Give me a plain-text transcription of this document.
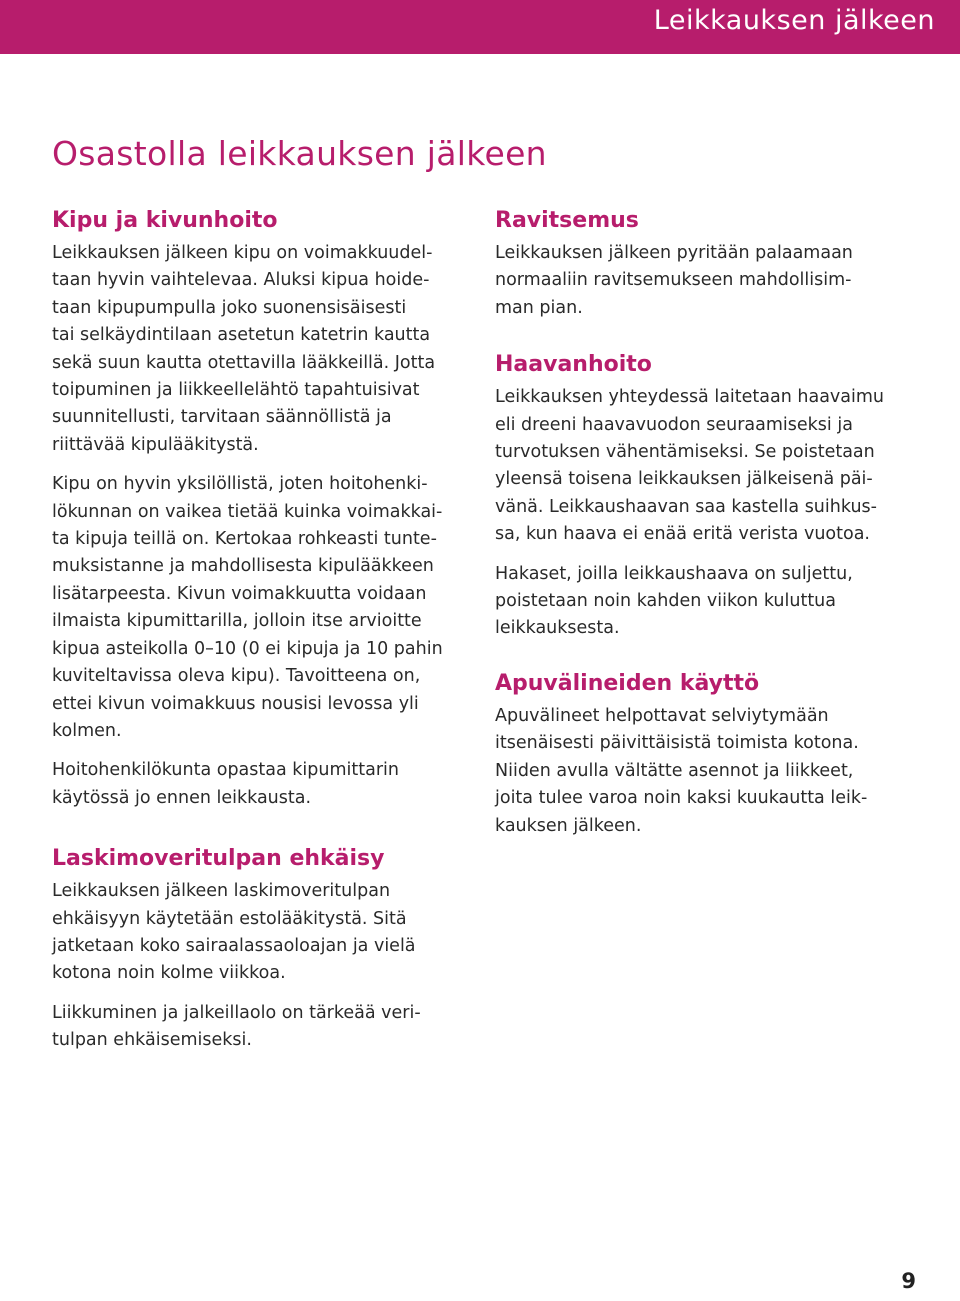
Leikkauksen jälkeen
Osastolla leikkauksen jälkeen
Kipu ja kivunhoito

Leikkauksen jälkeen kipu on voimakkuudel-
taan hyvin vaihtelevaa. Aluksi kipua hoide-
taan kipupumpulla joko suonensisäisesti
tai selkäydintilaan asetetun katetrin kautta
sekä suun kautta otettavilla lääkkeillä. Jotta
toipuminen ja liikkeellelähtö tapahtuisivat
suunnitellusti, tarvitaan säännöllistä ja
riittävää kipulääkitystä.

Kipu on hyvin yksilöllistä, joten hoitohenki-
lökunnan on vaikea tietää kuinka voimakkai-
ta kipuja teillä on. Kertokaa rohkeasti tunte-
muksistanne ja mahdollisesta kipulääkkeen
lisätarpeesta. Kivun voimakkuutta voidaan
ilmaista kipumittarilla, jolloin itse arvioitte
kipua asteikolla 0–10 (0 ei kipuja ja 10 pahin
kuviteltavissa oleva kipu). Tavoitteena on,
ettei kivun voimakkuus nousisi levossa yli
kolmen.

Hoitohenkilökunta opastaa kipumittarin
käytössä jo ennen leikkausta.

Laskimoveritulpan ehkäisy

Leikkauksen jälkeen laskimoveritulpan
ehkäisyyn käytetään estolääkitystä. Sitä
jatketaan koko sairaalassaoloajan ja vielä
kotona noin kolme viikkoa.

Liikkuminen ja jalkeillaolo on tärkeää veri-
tulpan ehkäisemiseksi.

Ravitsemus

Leikkauksen jälkeen pyritään palaamaan
normaaliin ravitsemukseen mahdollisim-
man pian.

Haavanhoito

Leikkauksen yhteydessä laitetaan haavaimu
eli dreeni haavavuodon seuraamiseksi ja
turvotuksen vähentämiseksi. Se poistetaan
yleensä toisena leikkauksen jälkeisenä päi-
vänä. Leikkaushaavan saa kastella suihkus-
sa, kun haava ei enää eritä verista vuotoa.

Hakaset, joilla leikkaushaava on suljettu,
poistetaan noin kahden viikon kuluttua
leikkauksesta.

Apuvälineiden käyttö

Apuvälineet helpottavat selviytymään
itsenäisesti päivittäisistä toimista kotona.
Niiden avulla vältätte asennot ja liikkeet,
joita tulee varoa noin kaksi kuukautta leik-
kauksen jälkeen.

9
